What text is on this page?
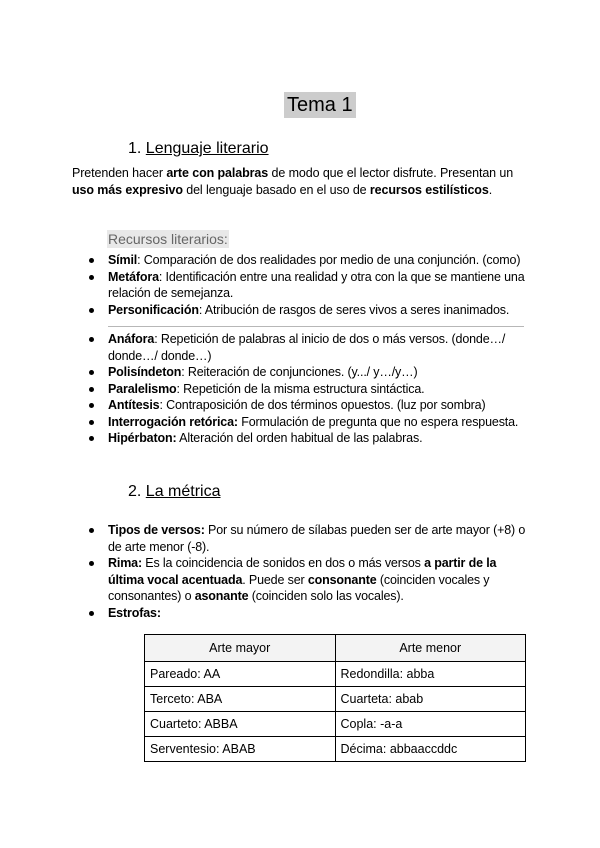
Tema 1
1. Lenguaje literario
Pretenden hacer arte con palabras de modo que el lector disfrute. Presentan un uso más expresivo del lenguaje basado en el uso de recursos estilísticos.
Recursos literarios:
Símil: Comparación de dos realidades por medio de una conjunción. (como)
Metáfora: Identificación entre una realidad y otra con la que se mantiene una relación de semejanza.
Personificación: Atribución de rasgos de seres vivos a seres inanimados.
Anáfora: Repetición de palabras al inicio de dos o más versos. (donde…/ donde…/ donde…)
Polisíndeton: Reiteración de conjunciones. (y.../ y…/y…)
Paralelismo: Repetición de la misma estructura sintáctica.
Antítesis: Contraposición de dos términos opuestos. (luz por sombra)
Interrogación retórica: Formulación de pregunta que no espera respuesta.
Hipérbaton: Alteración del orden habitual de las palabras.
2. La métrica
Tipos de versos: Por su número de sílabas pueden ser de arte mayor (+8) o de arte menor (-8).
Rima: Es la coincidencia de sonidos en dos o más versos a partir de la última vocal acentuada. Puede ser consonante (coinciden vocales y consonantes) o asonante (coinciden solo las vocales).
Estrofas:
Arte mayor	Arte menor
Pareado: AA	Redondilla: abba
Terceto: ABA	Cuarteta: abab
Cuarteto: ABBA	Copla: -a-a
Serventesio: ABAB	Décima: abbaaccddc
